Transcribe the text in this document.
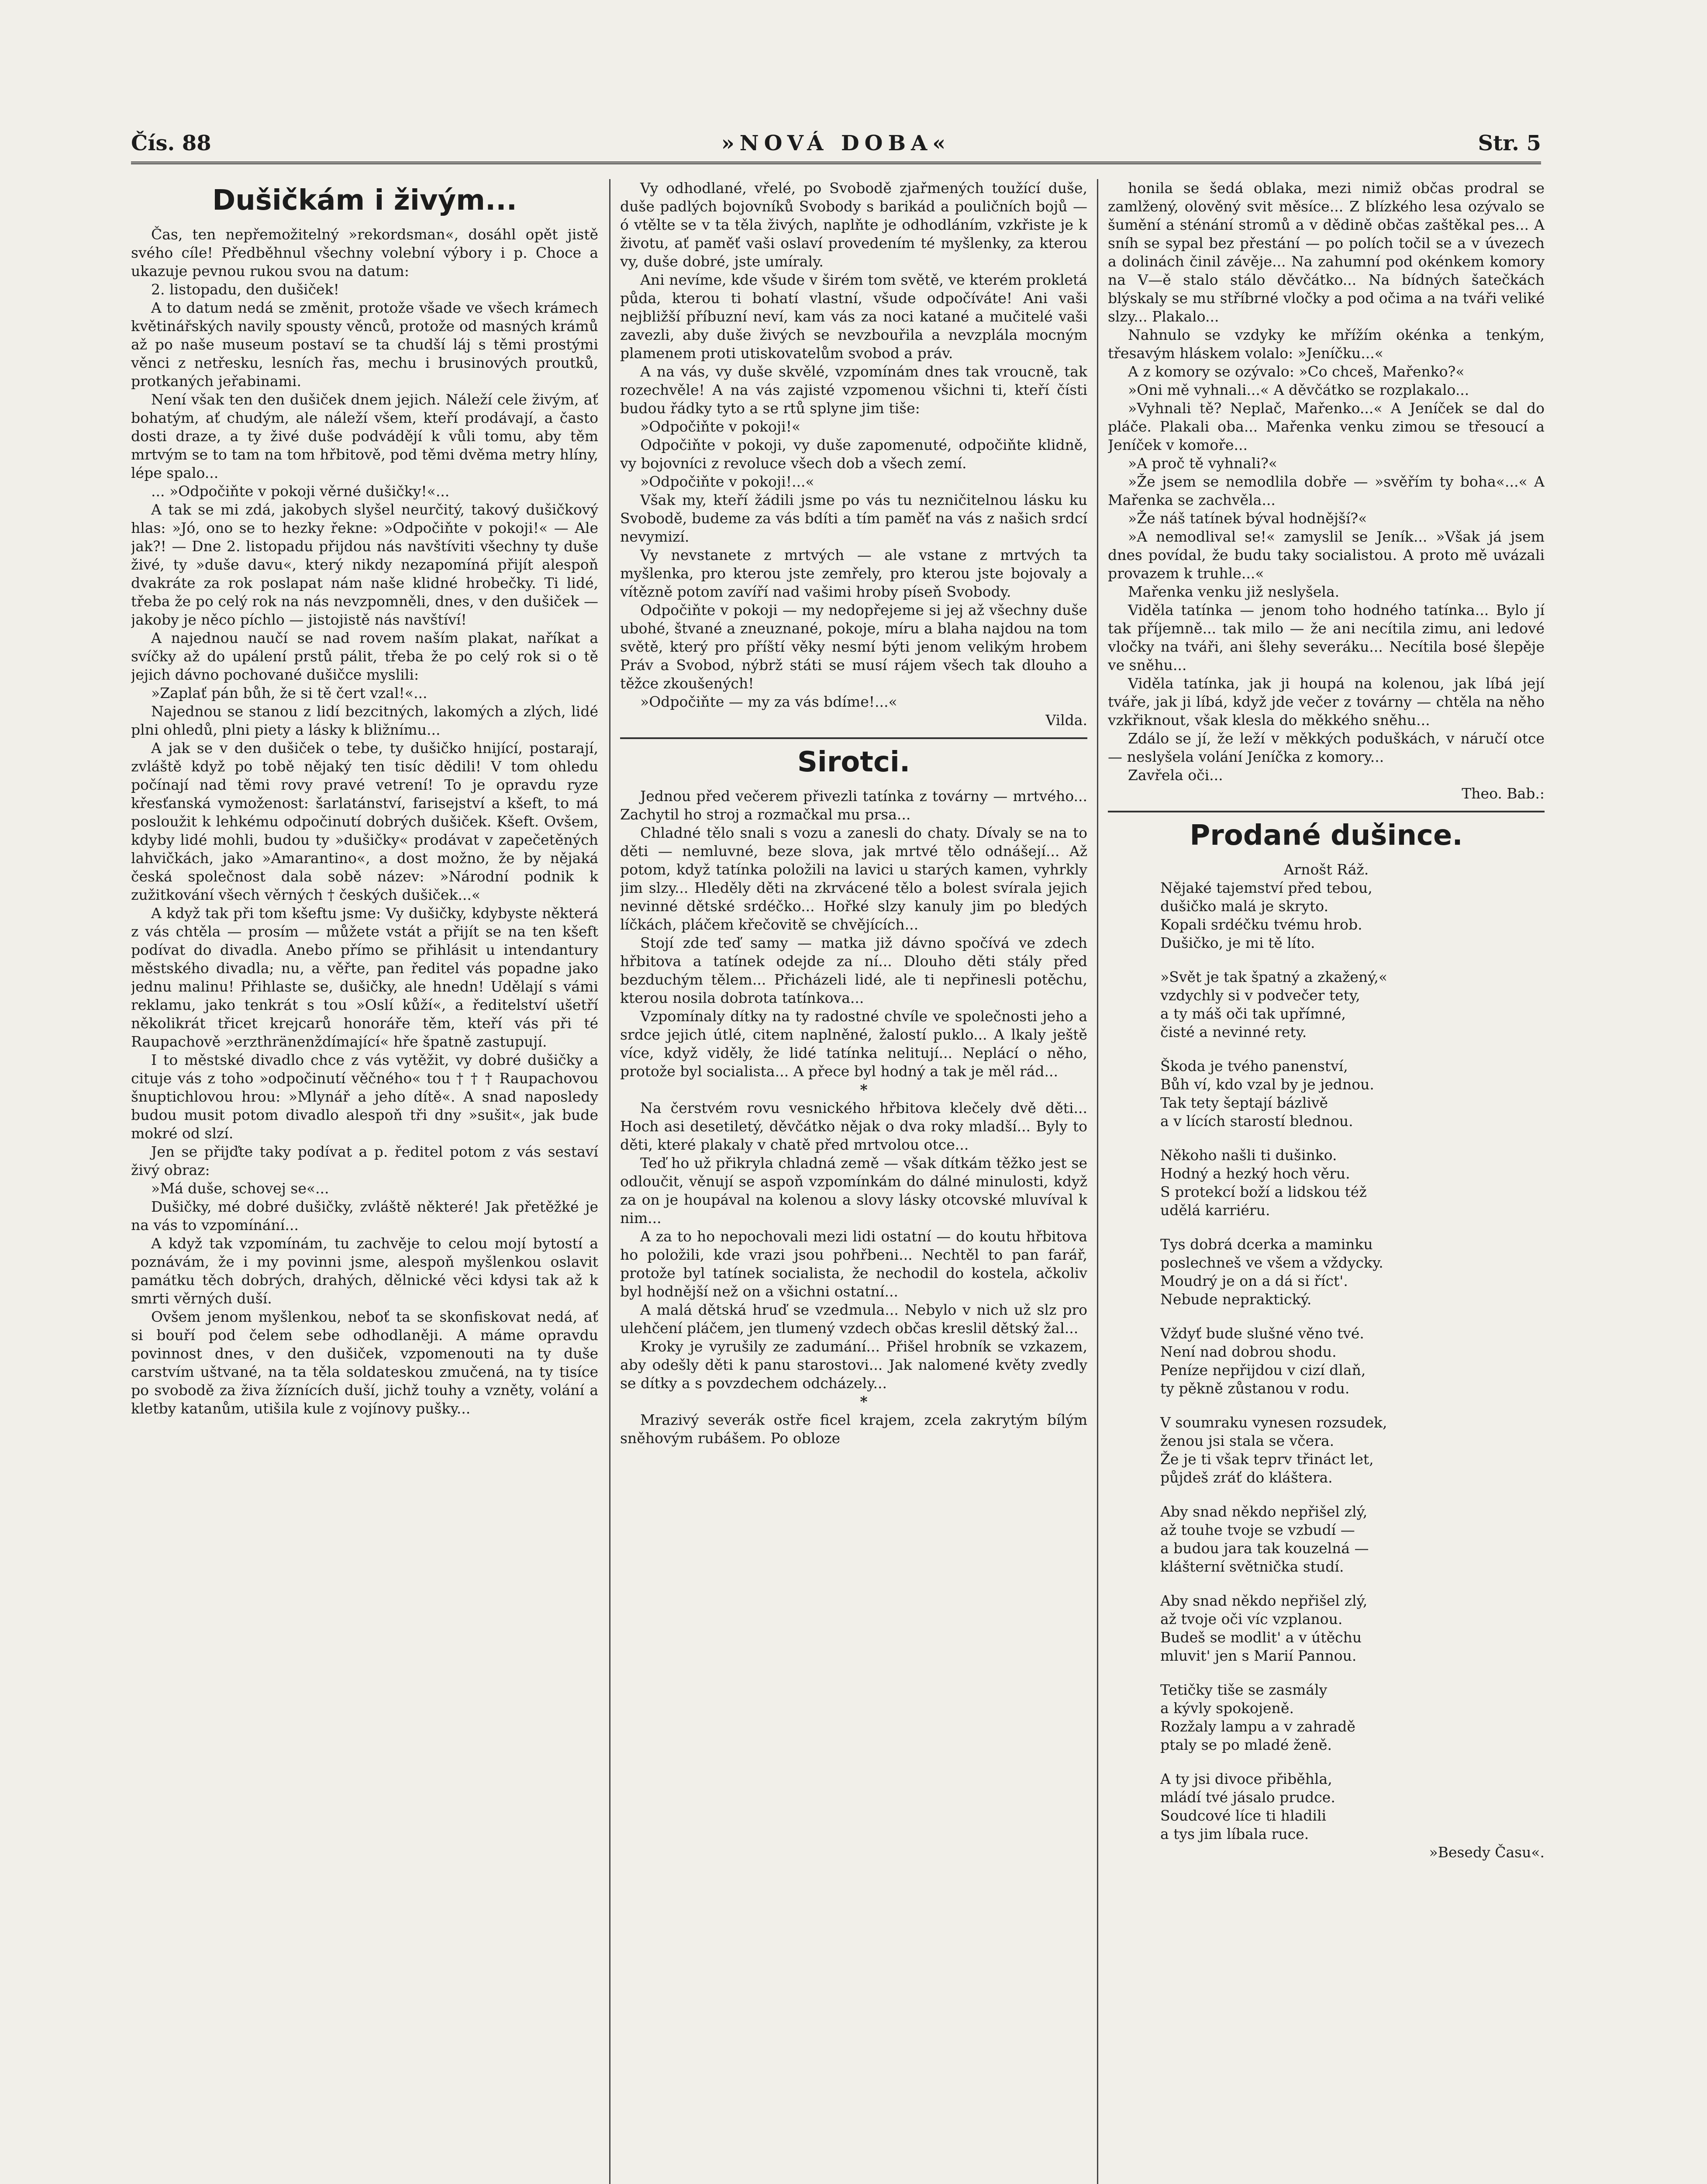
Čís. 88	»NOVÁ DOBA«	Str. 5
Dušičkám i živým...

Čas, ten nepřemožitelný »rekordsman«, dosáhl opět jistě svého cíle! Předběhnul všechny volební výbory i p. Choce a ukazuje pevnou rukou svou na datum:

2. listopadu, den dušiček!

A to datum nedá se změnit, protože všade ve všech krámech květinářských navily spousty věnců, protože od masných krámů až po naše museum postaví se ta chudší láj s těmi prostými věnci z netřesku, lesních řas, mechu i brusinových proutků, protkaných jeřabinami.

Není však ten den dušiček dnem jejich. Náleží cele živým, ať bohatým, ať chudým, ale náleží všem, kteří prodávají, a často dosti draze, a ty živé duše podvádějí k vůli tomu, aby těm mrtvým se to tam na tom hřbitově, pod těmi dvěma metry hlíny, lépe spalo...

... »Odpočiňte v pokoji věrné dušičky!«...

A tak se mi zdá, jakobych slyšel neurčitý, takový dušičkový hlas: »Jó, ono se to hezky řekne: »Odpočiňte v pokoji!« — Ale jak?! — Dne 2. listopadu přijdou nás navštíviti všechny ty duše živé, ty »duše davu«, který nikdy nezapomíná přijít alespoň dvakráte za rok poslapat nám naše klidné hrobečky. Ti lidé, třeba že po celý rok na nás nevzpomněli, dnes, v den dušiček — jakoby je něco píchlo — jistojistě nás navštíví!

A najednou naučí se nad rovem naším plakat, naříkat a svíčky až do upálení prstů pálit, třeba že po celý rok si o tě jejich dávno pochované dušičce myslili:

»Zaplať pán bůh, že si tě čert vzal!«...

Najednou se stanou z lidí bezcitných, lakomých a zlých, lidé plni ohledů, plni piety a lásky k bližnímu...

A jak se v den dušiček o tebe, ty dušičko hnijící, postarají, zvláště když po tobě nějaký ten tisíc dědili! V tom ohledu počínají nad těmi rovy pravé vetrení! To je opravdu ryze křesťanská vymoženost: šarlatánství, farisejství a kšeft, to má posloužit k lehkému odpočinutí dobrých dušiček. Kšeft. Ovšem, kdyby lidé mohli, budou ty »dušičky« prodávat v zapečetěných lahvičkách, jako »Amarantino«, a dost možno, že by nějaká česká společnost dala sobě název: »Národní podnik k zužitkování všech věrných † českých dušiček...«

A když tak při tom kšeftu jsme: Vy dušičky, kdybyste některá z vás chtěla — prosím — můžete vstát a přijít se na ten kšeft podívat do divadla. Anebo přímo se přihlásit u intendantury městského divadla; nu, a věřte, pan ředitel vás popadne jako jednu malinu! Přihlaste se, dušičky, ale hnedn! Udělají s vámi reklamu, jako tenkrát s tou »Oslí kůží«, a ředitelství ušetří několikrát třicet krejcarů honoráře těm, kteří vás při té Raupachově »erzthränenždímající« hře špatně zastupují.

I to městské divadlo chce z vás vytěžit, vy dobré dušičky a cituje vás z toho »odpočinutí věčného« tou † † † Raupachovou šnuptichlovou hrou: »Mlynář a jeho dítě«. A snad naposledy budou musit potom divadlo alespoň tři dny »sušit«, jak bude mokré od slzí.

Jen se přijďte taky podívat a p. ředitel potom z vás sestaví živý obraz:

»Má duše, schovej se«...

Dušičky, mé dobré dušičky, zvláště některé! Jak přetěžké je na vás to vzpomínání...

A když tak vzpomínám, tu zachvěje to celou mojí bytostí a poznávám, že i my povinni jsme, alespoň myšlenkou oslavit památku těch dobrých, drahých, dělnické věci kdysi tak až k smrti věrných duší.

Ovšem jenom myšlenkou, neboť ta se skonfiskovat nedá, ať si bouří pod čelem sebe odhodlaněji. A máme opravdu povinnost dnes, v den dušiček, vzpomenouti na ty duše carstvím uštvané, na ta těla soldateskou zmučená, na ty tisíce po svobodě za živa žíznících duší, jichž touhy a vzněty, volání a kletby katanům, utišila kule z vojínovy pušky...

Vy odhodlané, vřelé, po Svobodě zjařmených toužící duše, duše padlých bojovníků Svobody s barikád a pouličních bojů — ó vtělte se v ta těla živých, naplňte je odhodláním, vzkřiste je k životu, ať paměť vaši oslaví provedením té myšlenky, za kterou vy, duše dobré, jste umíraly.

Ani nevíme, kde všude v širém tom světě, ve kterém prokletá půda, kterou ti bohatí vlastní, všude odpočíváte! Ani vaši nejbližší příbuzní neví, kam vás za noci katané a mučitelé vaši zavezli, aby duše živých se nevzbouřila a nevzplála mocným plamenem proti utiskovatelům svobod a práv.

A na vás, vy duše skvělé, vzpomínám dnes tak vroucně, tak rozechvěle! A na vás zajisté vzpomenou všichni ti, kteří čísti budou řádky tyto a se rtů splyne jim tiše:

»Odpočiňte v pokoji!«

Odpočiňte v pokoji, vy duše zapomenuté, odpočiňte klidně, vy bojovníci z revoluce všech dob a všech zemí.

»Odpočiňte v pokoji!...«

Však my, kteří žádili jsme po vás tu nezničitelnou lásku ku Svobodě, budeme za vás bdíti a tím paměť na vás z našich srdcí nevymizí.

Vy nevstanete z mrtvých — ale vstane z mrtvých ta myšlenka, pro kterou jste zemřely, pro kterou jste bojovaly a vítězně potom zavíří nad vašimi hroby píseň Svobody.

Odpočiňte v pokoji — my nedopřejeme si jej až všechny duše ubohé, štvané a zneuznané, pokoje, míru a blaha najdou na tom světě, který pro příští věky nesmí býti jenom velikým hrobem Práv a Svobod, nýbrž státi se musí rájem všech tak dlouho a těžce zkoušených!

»Odpočiňte — my za vás bdíme!...«

Vilda.

Sirotci.

Jednou před večerem přivezli tatínka z továrny — mrtvého... Zachytil ho stroj a rozmačkal mu prsa...

Chladné tělo snali s vozu a zanesli do chaty. Dívaly se na to děti — nemluvné, beze slova, jak mrtvé tělo odnášejí... Až potom, když tatínka položili na lavici u starých kamen, vyhrkly jim slzy... Hleděly děti na zkrvácené tělo a bolest svírala jejich nevinné dětské srdéčko... Hořké slzy kanuly jim po bledých líčkách, pláčem křečovitě se chvějících...

Stojí zde teď samy — matka již dávno spočívá ve zdech hřbitova a tatínek odejde za ní... Dlouho děti stály před bezduchým tělem... Přicházeli lidé, ale ti nepřinesli potěchu, kterou nosila dobrota tatínkova...

Vzpomínaly dítky na ty radostné chvíle ve společnosti jeho a srdce jejich útlé, citem naplněné, žalostí puklo... A lkaly ještě více, když viděly, že lidé tatínka nelitují... Neplácí o něho, protože byl socialista... A přece byl hodný a tak je měl rád...

*

Na čerstvém rovu vesnického hřbitova klečely dvě děti... Hoch asi desetiletý, děvčátko nějak o dva roky mladší... Byly to děti, které plakaly v chatě před mrtvolou otce...

Teď ho už přikryla chladná země — však dítkám těžko jest se odloučit, věnují se aspoň vzpomínkám do dálné minulosti, když za on je houpával na kolenou a slovy lásky otcovské mluvíval k nim...

A za to ho nepochovali mezi lidi ostatní — do koutu hřbitova ho položili, kde vrazi jsou pohřbeni... Nechtěl to pan farář, protože byl tatínek socialista, že nechodil do kostela, ačkoliv byl hodnější než on a všichni ostatní...

A malá dětská hruď se vzedmula... Nebylo v nich už slz pro ulehčení pláčem, jen tlumený vzdech občas kreslil dětský žal...

Kroky je vyrušily ze zadumání... Přišel hrobník se vzkazem, aby odešly děti k panu starostovi... Jak nalomené květy zvedly se dítky a s povzdechem odcházely...

*

Mrazivý severák ostře ficel krajem, zcela zakrytým bílým sněhovým rubášem. Po obloze

honila se šedá oblaka, mezi nimiž občas prodral se zamlžený, olověný svit měsíce... Z blízkého lesa ozývalo se šumění a sténání stromů a v dědině občas zaštěkal pes... A sníh se sypal bez přestání — po polích točil se a v úvezech a dolinách činil závěje... Na zahumní pod okénkem komory na V—ě stalo stálo děvčátko... Na bídných šatečkách blýskaly se mu stříbrné vločky a pod očima a na tváři veliké slzy... Plakalo...

Nahnulo se vzdyky ke mřížím okénka a tenkým, třesavým hláskem volalo: »Jeníčku...«

A z komory se ozývalo: »Co chceš, Mařenko?«

»Oni mě vyhnali...« A děvčátko se rozplakalo...

»Vyhnali tě? Neplač, Mařenko...« A Jeníček se dal do pláče. Plakali oba... Mařenka venku zimou se třesoucí a Jeníček v komoře...

»A proč tě vyhnali?«

»Že jsem se nemodlila dobře — »svěřím ty boha«...« A Mařenka se zachvěla...

»Že náš tatínek býval hodnější?«

»A nemodlival se!« zamyslil se Jeník... »Však já jsem dnes povídal, že budu taky socialistou. A proto mě uvázali provazem k truhle...«

Mařenka venku již neslyšela.

Viděla tatínka — jenom toho hodného tatínka... Bylo jí tak příjemně... tak milo — že ani necítila zimu, ani ledové vločky na tváři, ani šlehy severáku... Necítila bosé šlepěje ve sněhu...

Viděla tatínka, jak ji houpá na kolenou, jak líbá její tváře, jak ji líbá, když jde večer z továrny — chtěla na něho vzkřiknout, však klesla do měkkého sněhu...

Zdálo se jí, že leží v měkkých poduškách, v náručí otce — neslyšela volání Jeníčka z komory...

Zavřela oči...

Theo. Bab.:

Prodané dušince.

Arnošt Ráž.

Nějaké tajemství před tebou,

dušičko malá je skryto.

Kopali srdéčku tvému hrob.

Dušičko, je mi tě líto.

»Svět je tak špatný a zkažený,«

vzdychly si v podvečer tety,

a ty máš oči tak upřímné,

čisté a nevinné rety.

Škoda je tvého panenství,

Bůh ví, kdo vzal by je jednou.

Tak tety šeptají bázlivě

a v lících starostí blednou.

Někoho našli ti dušinko.

Hodný a hezký hoch věru.

S protekcí boží a lidskou též

udělá karriéru.

Tys dobrá dcerka a maminku

poslechneš ve všem a vždycky.

Moudrý je on a dá si říct'.

Nebude nepraktický.

Vždyť bude slušné věno tvé.

Není nad dobrou shodu.

Peníze nepřijdou v cizí dlaň,

ty pěkně zůstanou v rodu.

V soumraku vynesen rozsudek,

ženou jsi stala se včera.

Že je ti však teprv třináct let,

půjdeš zráť do kláštera.

Aby snad někdo nepřišel zlý,

až touhe tvoje se vzbudí —

a budou jara tak kouzelná —

klášterní světnička studí.

Aby snad někdo nepřišel zlý,

až tvoje oči víc vzplanou.

Budeš se modlit' a v útěchu

mluvit' jen s Marií Pannou.

Tetičky tiše se zasmály

a kývly spokojeně.

Rozžaly lampu a v zahradě

ptaly se po mladé ženě.

A ty jsi divoce přiběhla,

mládí tvé jásalo prudce.

Soudcové líce ti hladili

a tys jim líbala ruce.

»Besedy Času«.
